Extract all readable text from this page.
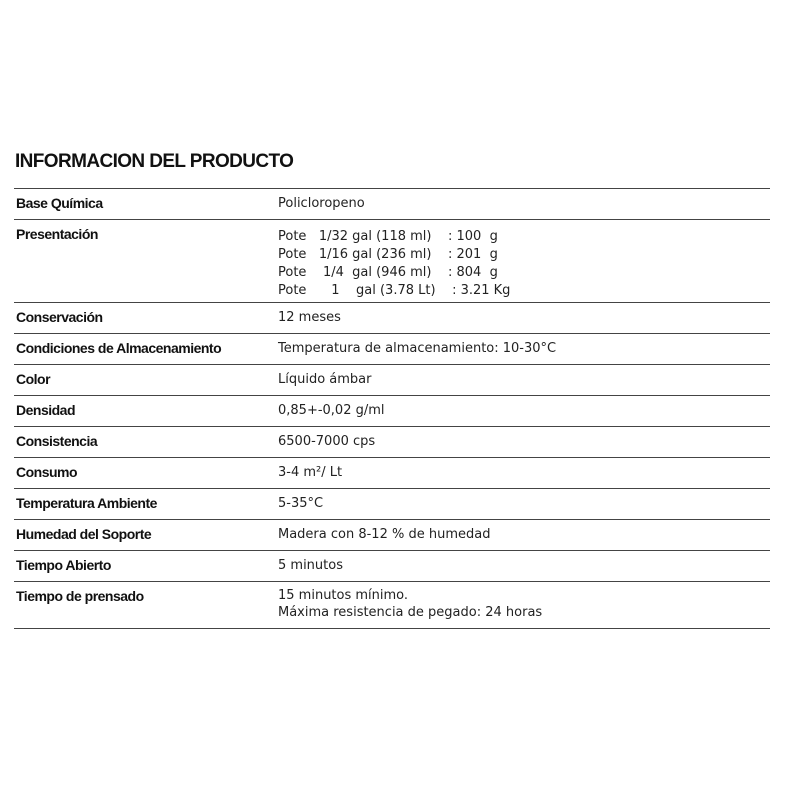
INFORMACION DEL PRODUCTO
Base Química	Policloropeno
Presentación	Pote   1/32 gal (118 ml)    : 100  g
Pote   1/16 gal (236 ml)    : 201  g
Pote    1/4  gal (946 ml)    : 804  g
Pote      1    gal (3.78 Lt)    : 3.21 Kg
Conservación	12 meses
Condiciones de Almacenamiento	Temperatura de almacenamiento: 10-30°C
Color	Líquido ámbar
Densidad	0,85+-0,02 g/ml
Consistencia	6500-7000 cps
Consumo	3-4 m²/ Lt
Temperatura Ambiente	5-35°C
Humedad del Soporte	Madera con 8-12 % de humedad
Tiempo Abierto	5 minutos
Tiempo de prensado	15 minutos mínimo.
Máxima resistencia de pegado: 24 horas
